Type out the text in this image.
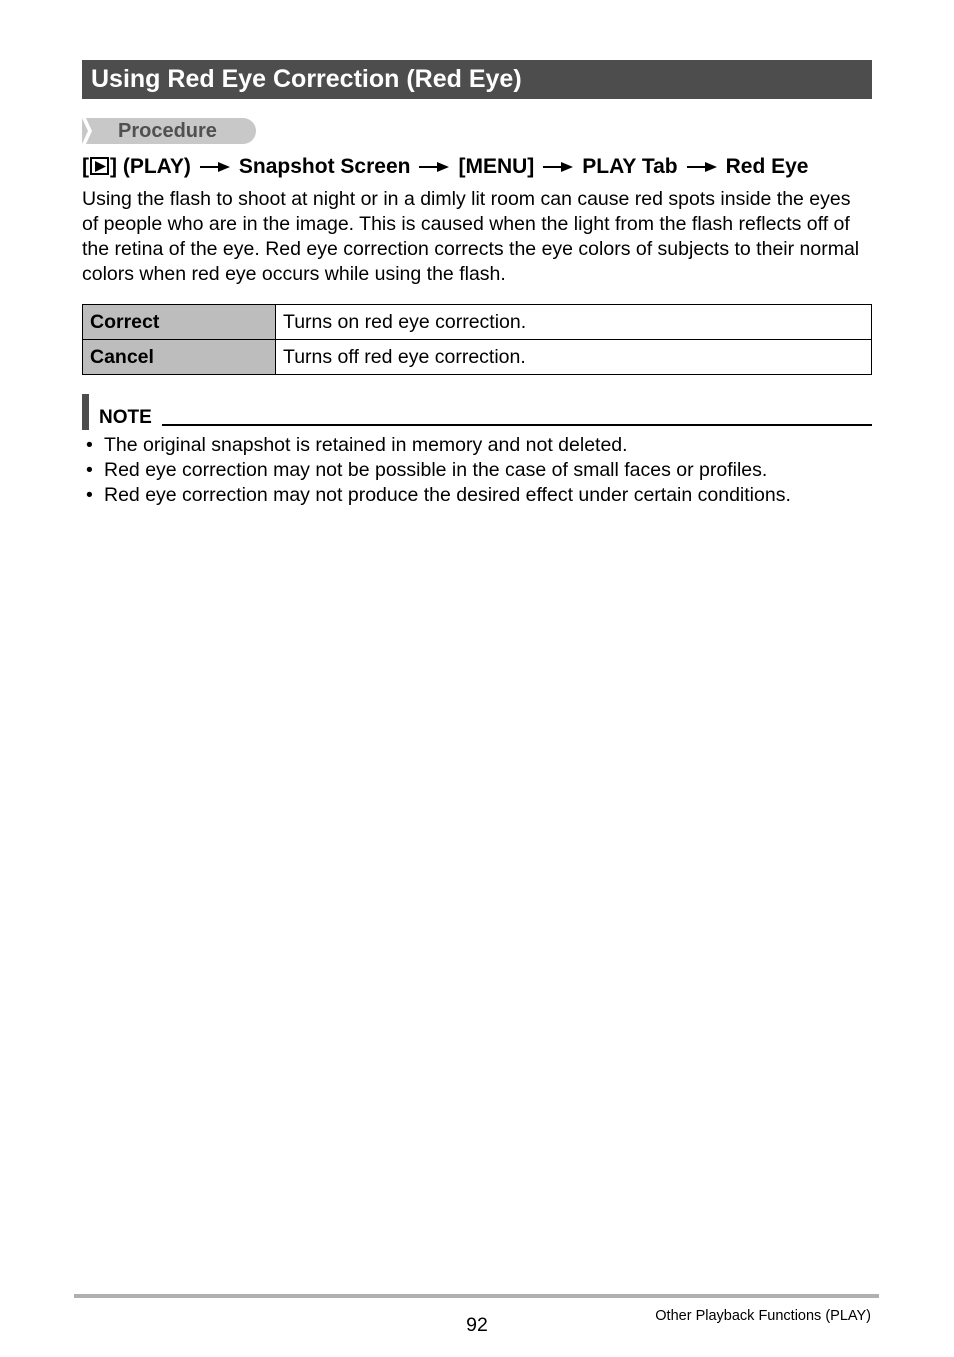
Using Red Eye Correction (Red Eye)
Procedure
[ ] (PLAY) Snapshot Screen [MENU] PLAY Tab Red Eye

Using the flash to shoot at night or in a dimly lit room can cause red spots inside the eyes of people who are in the image. This is caused when the light from the flash reflects off of the retina of the eye. Red eye correction corrects the eye colors of subjects to their normal colors when red eye occurs while using the flash.

Correct	Turns on red eye correction.
Cancel	Turns off red eye correction.
NOTE
• The original snapshot is retained in memory and not deleted.
• Red eye correction may not be possible in the case of small faces or profiles.
• Red eye correction may not produce the desired effect under certain conditions.
92	Other Playback Functions (PLAY)
